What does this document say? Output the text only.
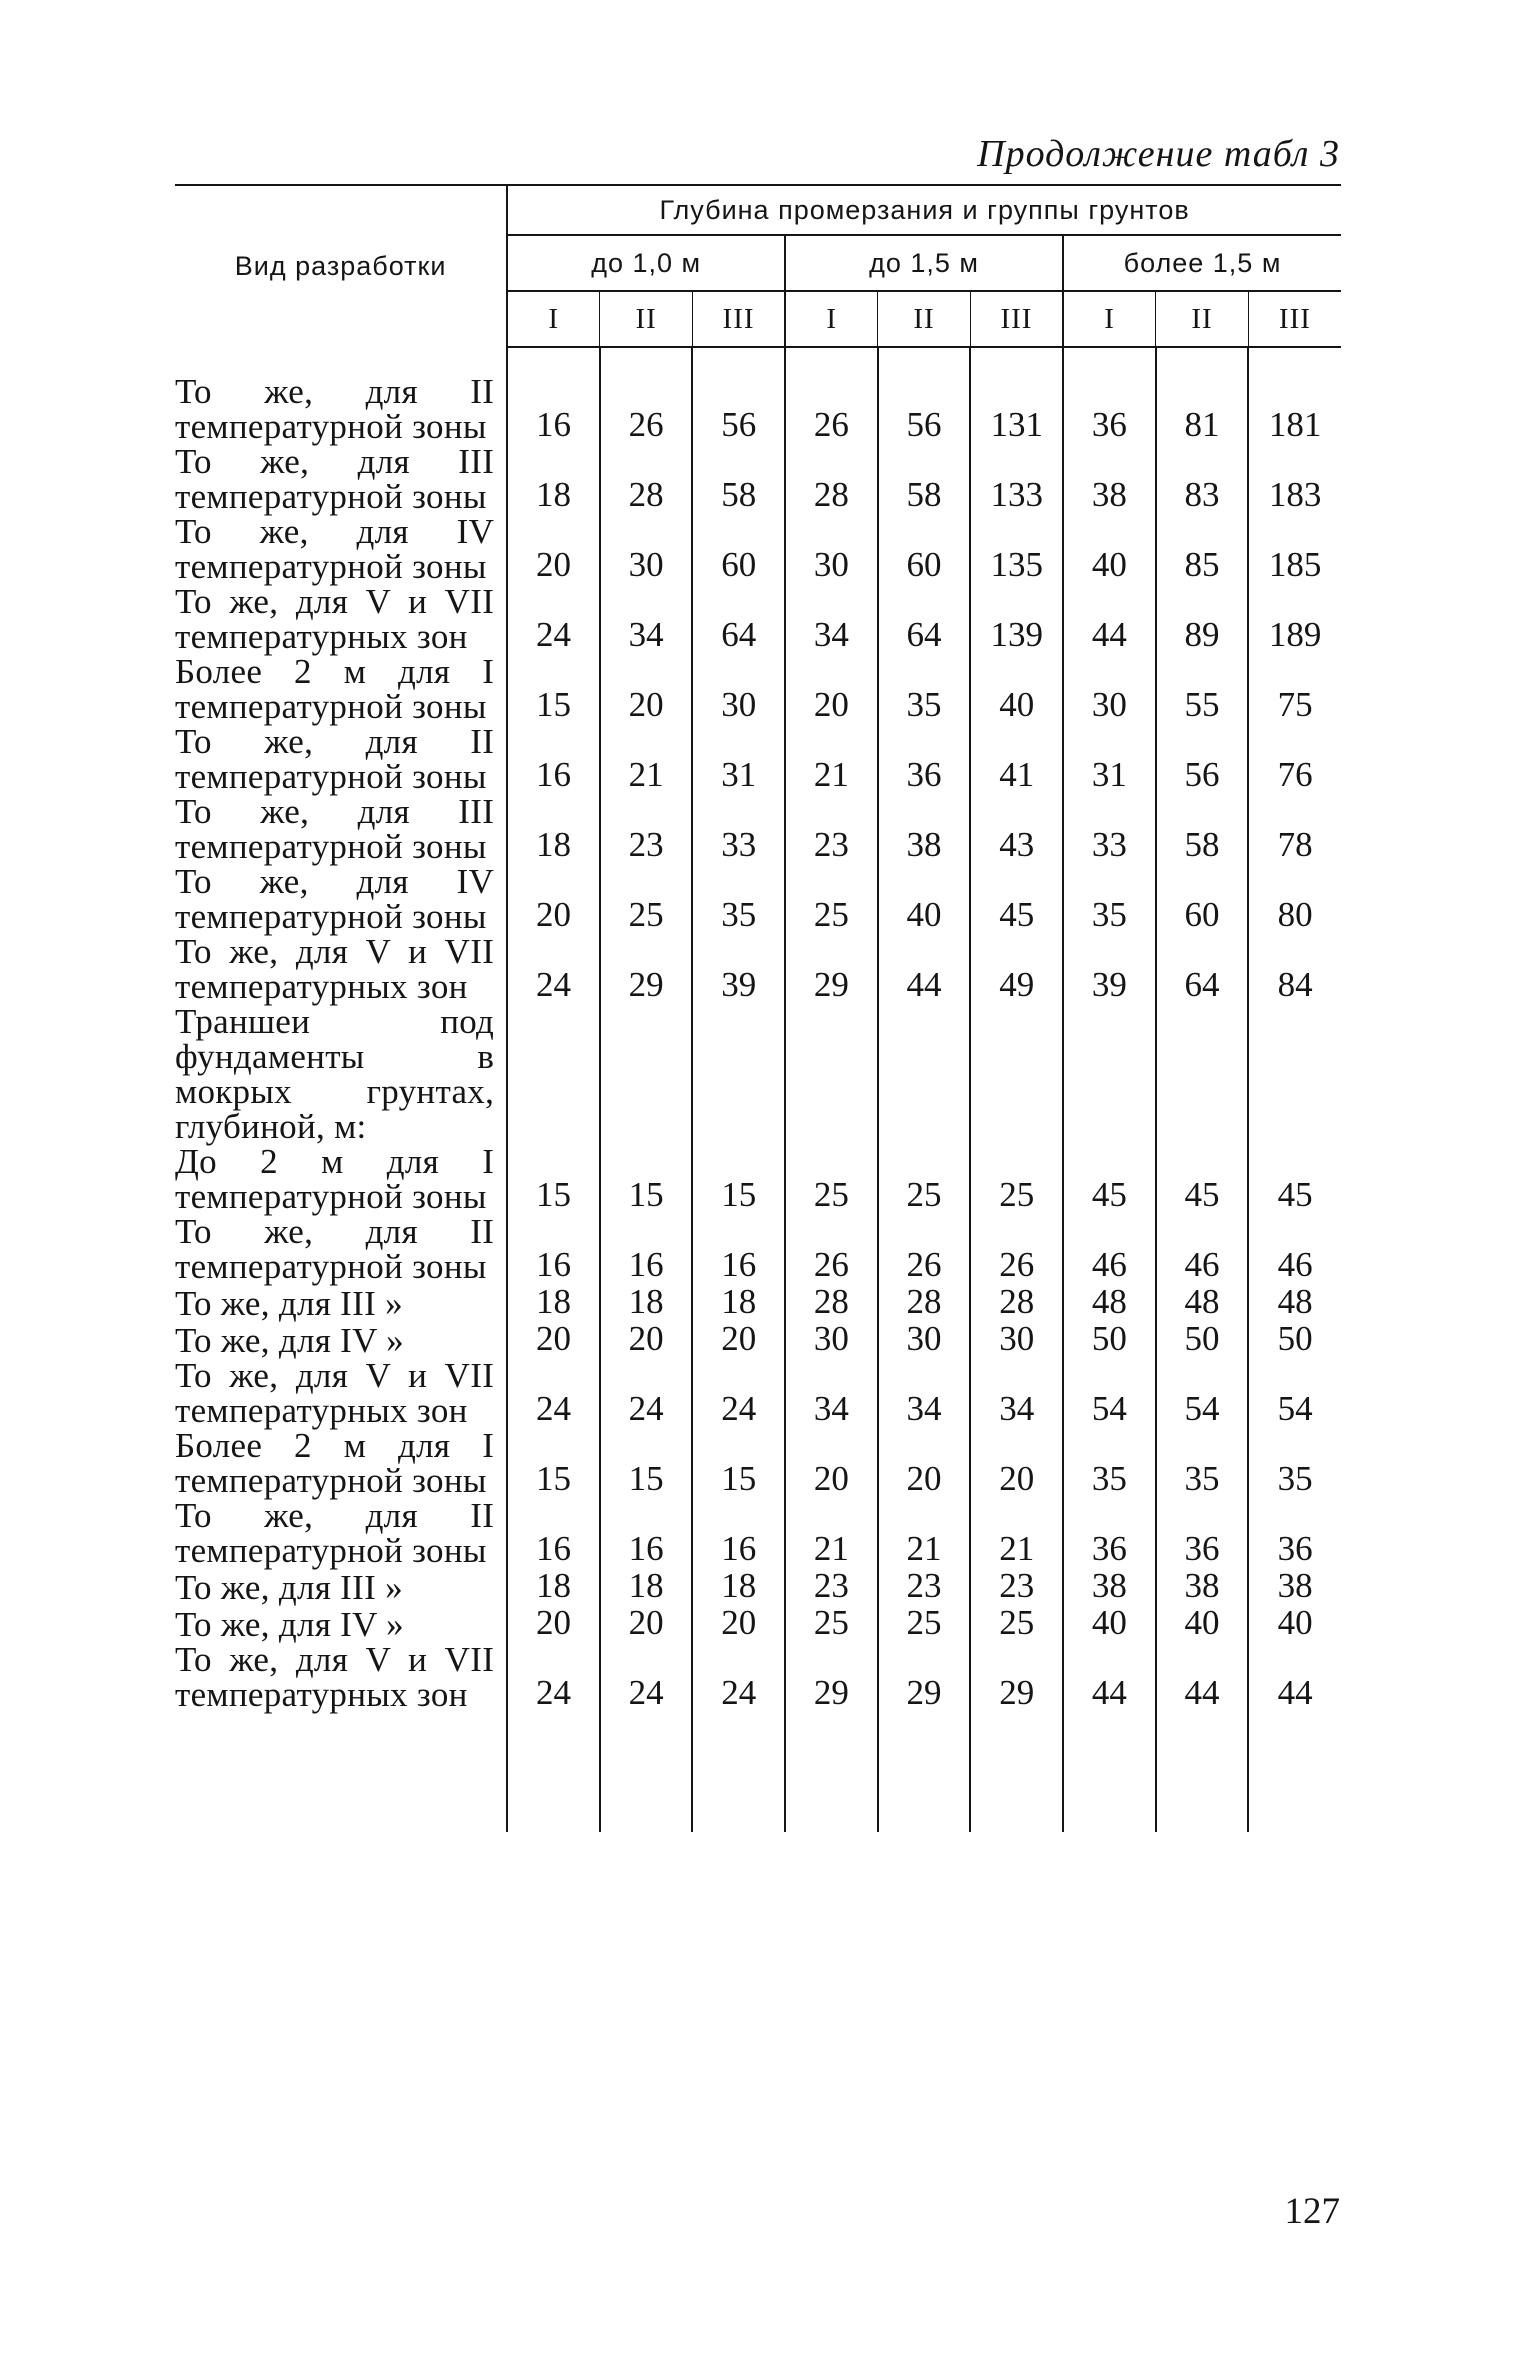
Продолжение табл 3
Вид разработки	Глубина промерзания и группы грунтов								
	до 1,0 м			до 1,5 м			более 1,5 м		
	I	II	III	I	II	III	I	II	III

То же, для II температурной зоны	16	26	56	26	56	131	36	81	181
То же, для III температурной зоны	18	28	58	28	58	133	38	83	183
То же, для IV температурной зоны	20	30	60	30	60	135	40	85	185
То же, для V и VII температурных зон	24	34	64	34	64	139	44	89	189
Более 2 м для I температурной зоны	15	20	30	20	35	40	30	55	75
То же, для II температурной зоны	16	21	31	21	36	41	31	56	76
То же, для III температурной зоны	18	23	33	23	38	43	33	58	78
То же, для IV температурной зоны	20	25	35	25	40	45	35	60	80
То же, для V и VII температурных зон	24	29	39	29	44	49	39	64	84
Траншеи под фундаменты в мокрых грунтах, глубиной, м:									
До 2 м для I температурной зоны	15	15	15	25	25	25	45	45	45
То же, для II температурной зоны	16	16	16	26	26	26	46	46	46
То же, для III »	18	18	18	28	28	28	48	48	48
То же, для IV »	20	20	20	30	30	30	50	50	50
То же, для V и VII температурных зон	24	24	24	34	34	34	54	54	54
Более 2 м для I температурной зоны	15	15	15	20	20	20	35	35	35
То же, для II температурной зоны	16	16	16	21	21	21	36	36	36
То же, для III »	18	18	18	23	23	23	38	38	38
То же, для IV »	20	20	20	25	25	25	40	40	40
То же, для V и VII температурных зон	24	24	24	29	29	29	44	44	44

127
